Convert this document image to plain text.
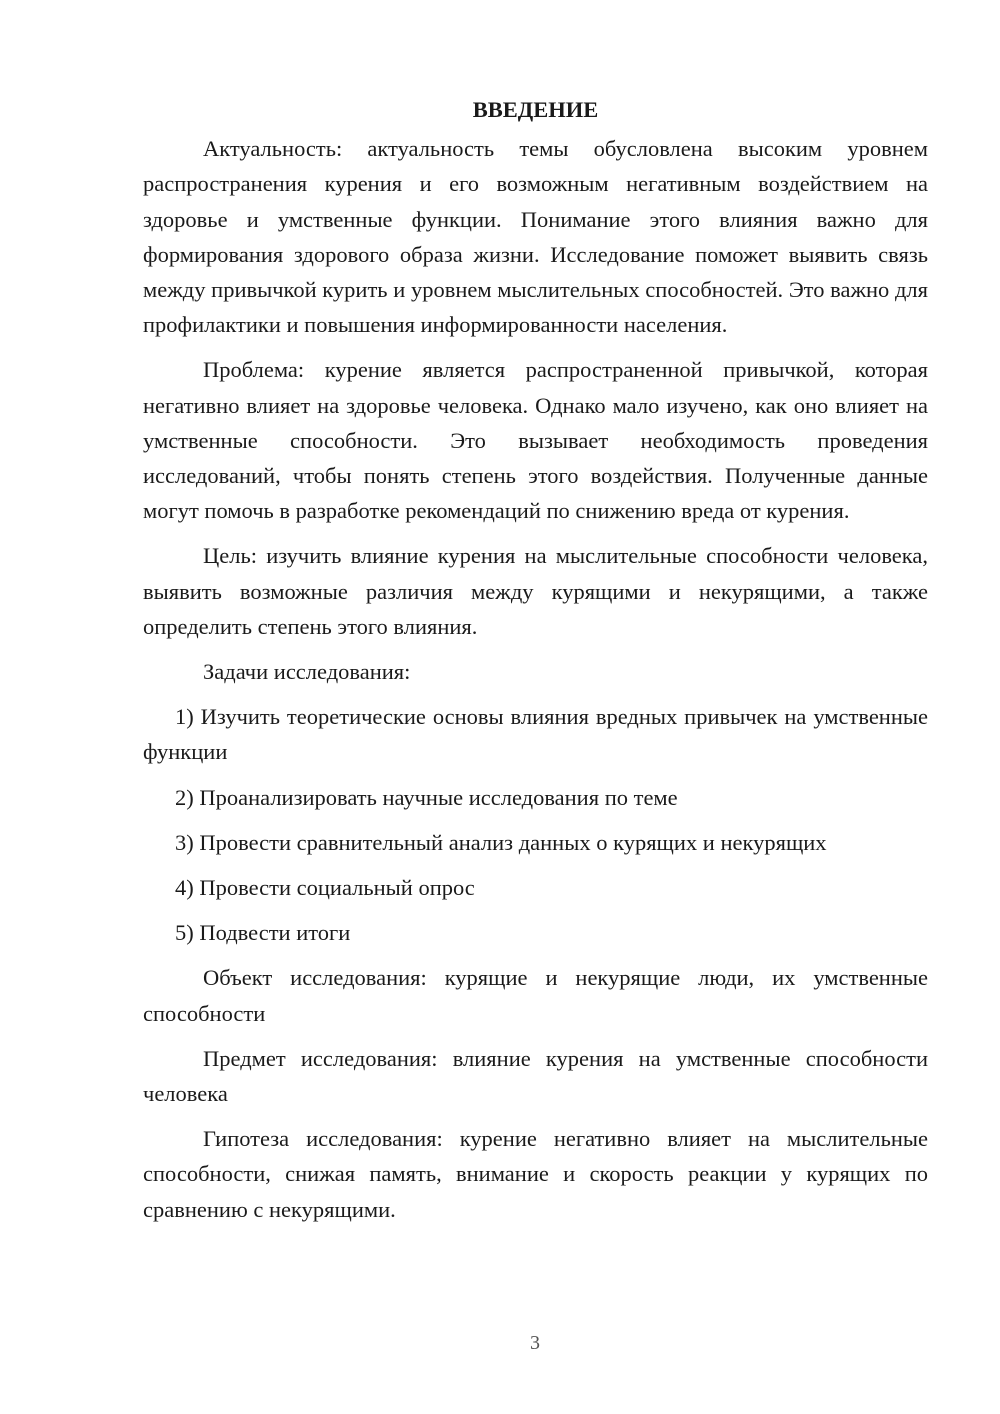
ВВЕДЕНИЕ

Актуальность: актуальность темы обусловлена высоким уровнем распространения курения и его возможным негативным воздействием на здоровье и умственные функции. Понимание этого влияния важно для формирования здорового образа жизни. Исследование поможет выявить связь между привычкой курить и уровнем мыслительных способностей. Это важно для профилактики и повышения информированности населения.

Проблема: курение является распространенной привычкой, которая негативно влияет на здоровье человека. Однако мало изучено, как оно влияет на умственные способности. Это вызывает необходимость проведения исследований, чтобы понять степень этого воздействия. Полученные данные могут помочь в разработке рекомендаций по снижению вреда от курения.

Цель: изучить влияние курения на мыслительные способности человека, выявить возможные различия между курящими и некурящими, а также определить степень этого влияния.

Задачи исследования:

1) Изучить теоретические основы влияния вредных привычек на умственные функции

2) Проанализировать научные исследования по теме

3) Провести сравнительный анализ данных о курящих и некурящих

4) Провести социальный опрос

5) Подвести итоги

Объект исследования: курящие и некурящие люди, их умственные способности

Предмет исследования: влияние курения на умственные способности человека

Гипотеза исследования: курение негативно влияет на мыслительные способности, снижая память, внимание и скорость реакции у курящих по сравнению с некурящими.

3
